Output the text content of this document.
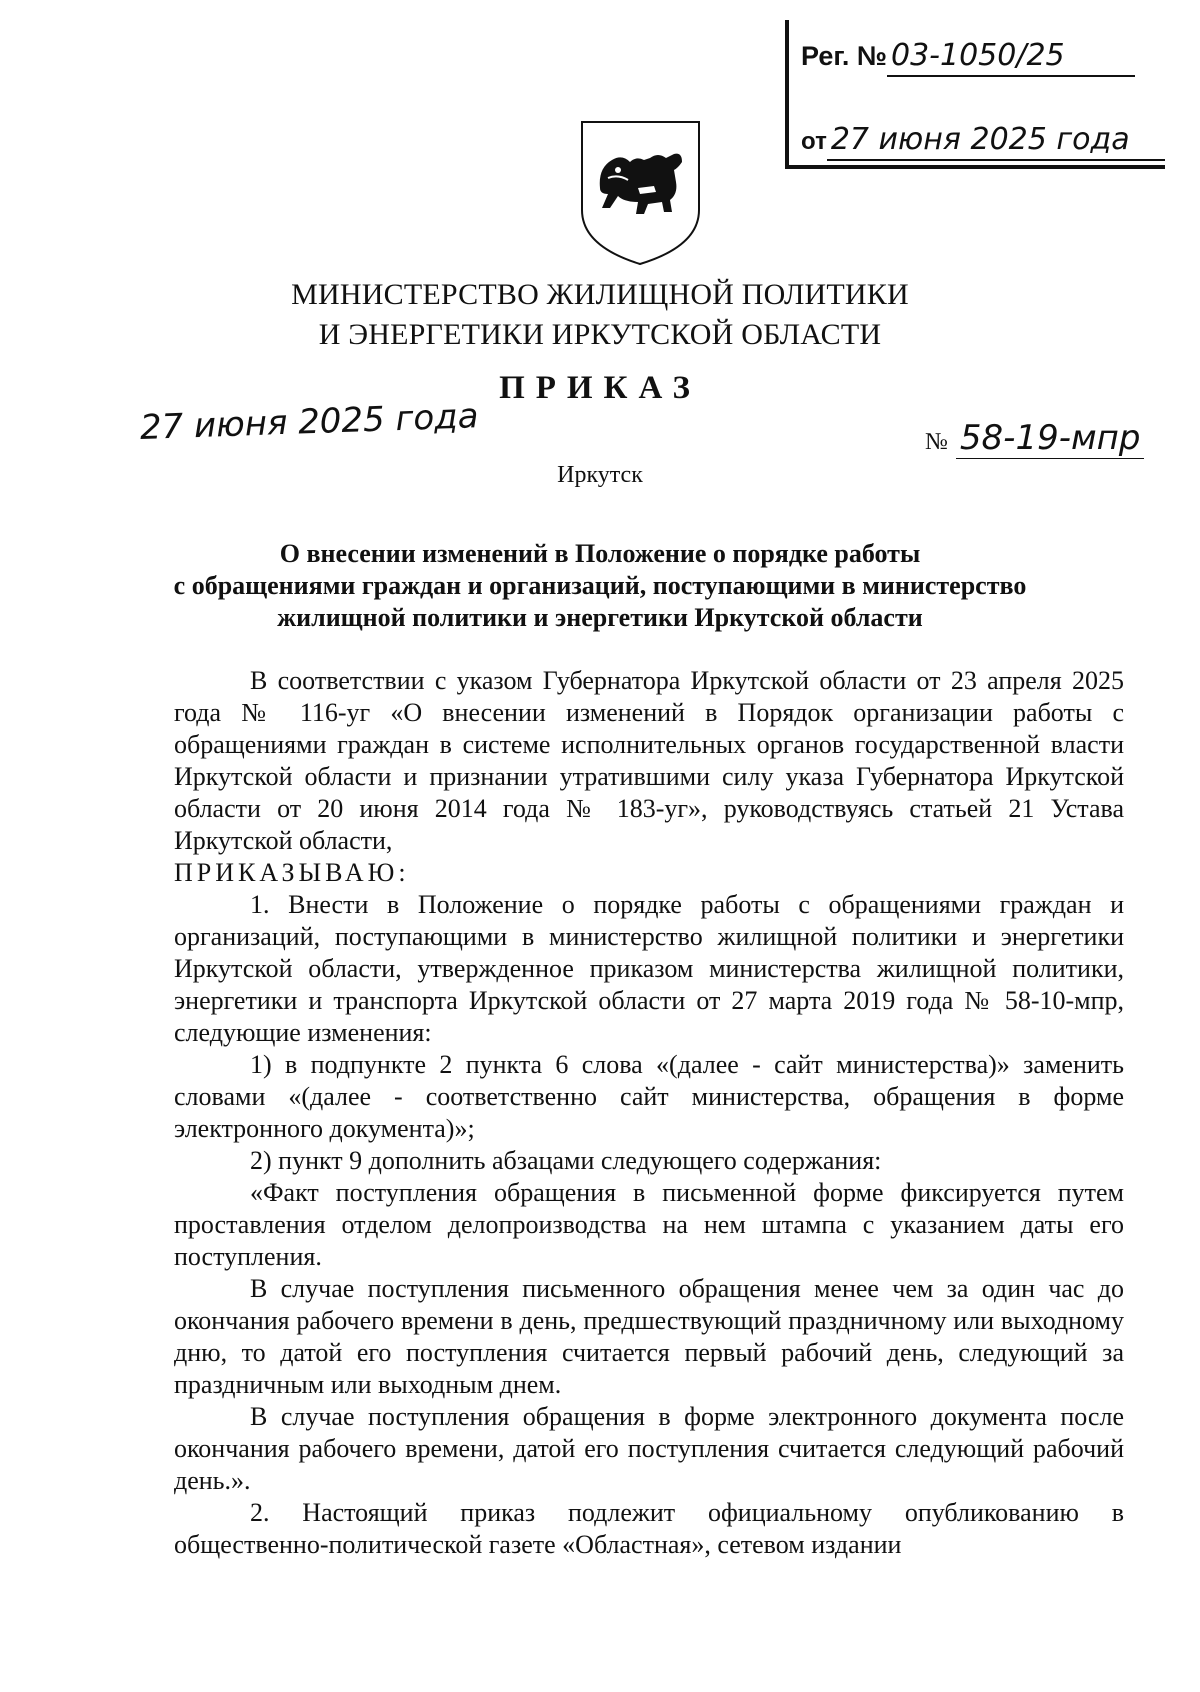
Рег. № 03-1050/25
от 27 июня 2025 года
МИНИСТЕРСТВО ЖИЛИЩНОЙ ПОЛИТИКИ
И ЭНЕРГЕТИКИ ИРКУТСКОЙ ОБЛАСТИ
ПРИКАЗ
27 июня 2025 года	№ 58-19-мпр
Иркутск
О внесении изменений в Положение о порядке работы
с обращениями граждан и организаций, поступающими в министерство
жилищной политики и энергетики Иркутской области

В соответствии с указом Губернатора Иркутской области от 23 апреля 2025 года № 116-уг «О внесении изменений в Порядок организации работы с обращениями граждан в системе исполнительных органов государственной власти Иркутской области и признании утратившими силу указа Губернатора Иркутской области от 20 июня 2014 года № 183-уг», руководствуясь статьей 21 Устава Иркутской области,

ПРИКАЗЫВАЮ:

1. Внести в Положение о порядке работы с обращениями граждан и организаций, поступающими в министерство жилищной политики и энергетики Иркутской области, утвержденное приказом министерства жилищной политики, энергетики и транспорта Иркутской области от 27 марта 2019 года № 58-10-мпр, следующие изменения:

1) в подпункте 2 пункта 6 слова «(далее - сайт министерства)» заменить словами «(далее - соответственно сайт министерства, обращения в форме электронного документа)»;

2) пункт 9 дополнить абзацами следующего содержания:

«Факт поступления обращения в письменной форме фиксируется путем проставления отделом делопроизводства на нем штампа с указанием даты его поступления.

В случае поступления письменного обращения менее чем за один час до окончания рабочего времени в день, предшествующий праздничному или выходному дню, то датой его поступления считается первый рабочий день, следующий за праздничным или выходным днем.

В случае поступления обращения в форме электронного документа после окончания рабочего времени, датой его поступления считается следующий рабочий день.».

2. Настоящий приказ подлежит официальному опубликованию в общественно-политической газете «Областная», сетевом издании
